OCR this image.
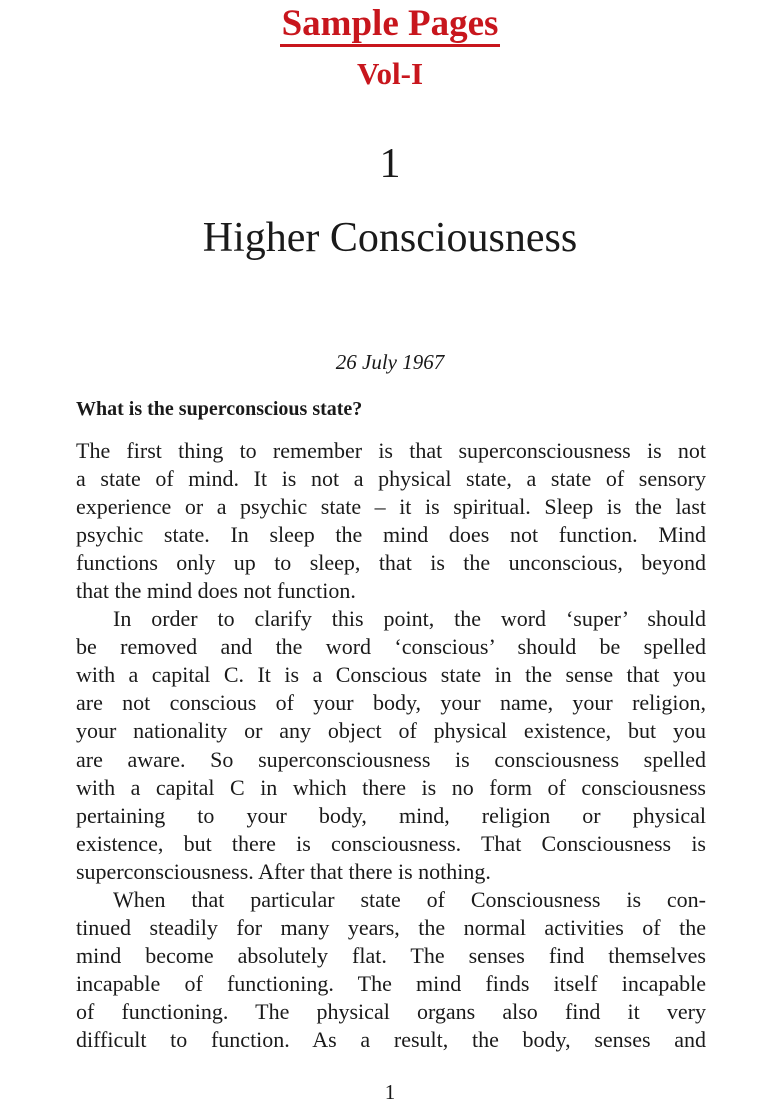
Sample Pages
Vol-I
1
Higher Consciousness
26 July 1967
What is the superconscious state?
The first thing to remember is that superconsciousness is not
a state of mind. It is not a physical state, a state of sensory
experience or a psychic state – it is spiritual. Sleep is the last
psychic state. In sleep the mind does not function. Mind
functions only up to sleep, that is the unconscious, beyond
that the mind does not function.
In order to clarify this point, the word ‘super’ should
be removed and the word ‘conscious’ should be spelled
with a capital C. It is a Conscious state in the sense that you
are not conscious of your body, your name, your religion,
your nationality or any object of physical existence, but you
are aware. So superconsciousness is consciousness spelled
with a capital C in which there is no form of consciousness
pertaining to your body, mind, religion or physical
existence, but there is consciousness. That Consciousness is
superconsciousness. After that there is nothing.
When that particular state of Consciousness is con-
tinued steadily for many years, the normal activities of the
mind become absolutely flat. The senses find themselves
incapable of functioning. The mind finds itself incapable
of functioning. The physical organs also find it very
difficult to function. As a result, the body, senses and
1
